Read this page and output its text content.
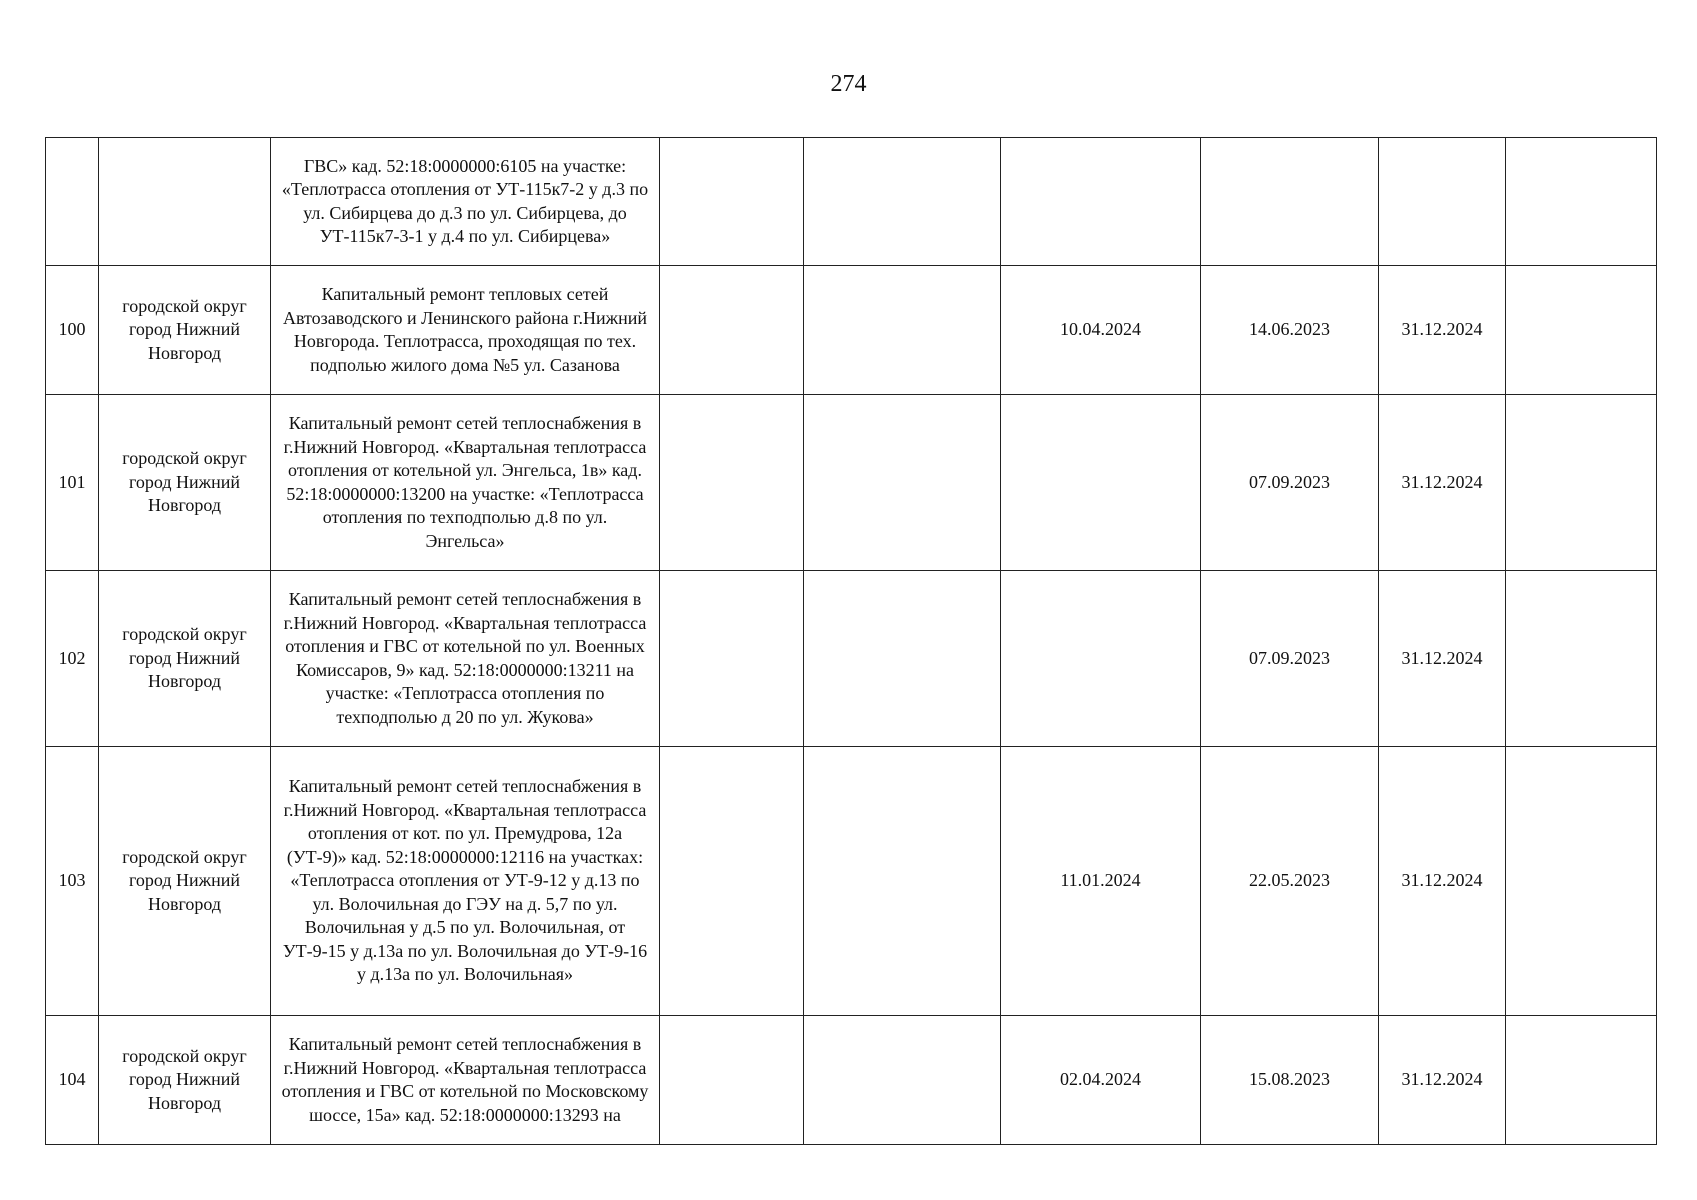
274
		ГВС» кад. 52:18:0000000:6105 на участке: «Теплотрасса отопления от УТ-115к7-2 у д.3 по ул. Сибирцева до д.3 по ул. Сибирцева, до УТ-115к7-3-1 у д.4 по ул. Сибирцева»						
100	городской округ город Нижний Новгород	Капитальный ремонт тепловых сетей Автозаводского и Ленинского района г.Нижний Новгорода. Теплотрасса, проходящая по тех. подполью жилого дома №5 ул. Сазанова			10.04.2024	14.06.2023	31.12.2024	
101	городской округ город Нижний Новгород	Капитальный ремонт сетей теплоснабжения в г.Нижний Новгород. «Квартальная теплотрасса отопления от котельной ул. Энгельса, 1в» кад. 52:18:0000000:13200 на участке: «Теплотрасса отопления по техподполью д.8 по ул. Энгельса»				07.09.2023	31.12.2024	
102	городской округ город Нижний Новгород	Капитальный ремонт сетей теплоснабжения в г.Нижний Новгород. «Квартальная теплотрасса отопления и ГВС от котельной по ул. Военных Комиссаров, 9» кад. 52:18:0000000:13211 на участке: «Теплотрасса отопления по техподполью д 20 по ул. Жукова»				07.09.2023	31.12.2024	
103	городской округ город Нижний Новгород	Капитальный ремонт сетей теплоснабжения в г.Нижний Новгород. «Квартальная теплотрасса отопления от кот. по ул. Премудрова, 12а (УТ-9)» кад. 52:18:0000000:12116 на участках: «Теплотрасса отопления от УТ-9-12 у д.13 по ул. Волочильная до ГЭУ на д. 5,7 по ул. Волочильная у д.5 по ул. Волочильная, от УТ-9-15 у д.13а по ул. Волочильная до УТ-9-16 у д.13а по ул. Волочильная»			11.01.2024	22.05.2023	31.12.2024	
104	городской округ город Нижний Новгород	Капитальный ремонт сетей теплоснабжения в г.Нижний Новгород. «Квартальная теплотрасса отопления и ГВС от котельной по Московскому шоссе, 15а» кад. 52:18:0000000:13293 на			02.04.2024	15.08.2023	31.12.2024	
